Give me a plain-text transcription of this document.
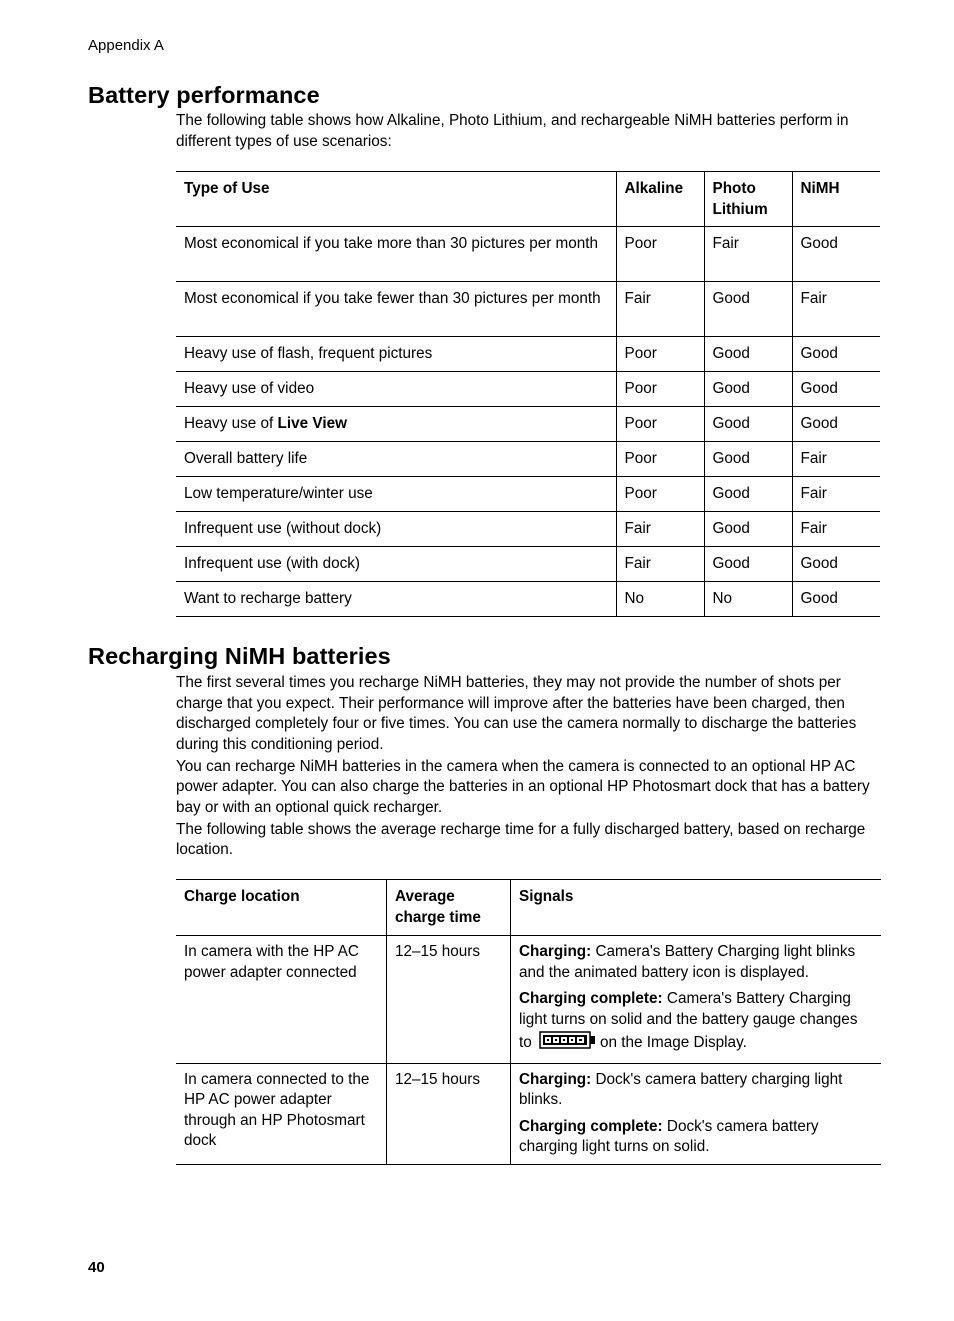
Appendix A
Battery performance

The following table shows how Alkaline, Photo Lithium, and rechargeable NiMH batteries perform in different types of use scenarios:

Type of Use	Alkaline	Photo Lithium	NiMH
Most economical if you take more than 30 pictures per month	Poor	Fair	Good
Most economical if you take fewer than 30 pictures per month	Fair	Good	Fair
Heavy use of flash, frequent pictures	Poor	Good	Good
Heavy use of video	Poor	Good	Good
Heavy use of Live View	Poor	Good	Good
Overall battery life	Poor	Good	Fair
Low temperature/winter use	Poor	Good	Fair
Infrequent use (without dock)	Fair	Good	Fair
Infrequent use (with dock)	Fair	Good	Good
Want to recharge battery	No	No	Good
Recharging NiMH batteries

The first several times you recharge NiMH batteries, they may not provide the number of shots per charge that you expect. Their performance will improve after the batteries have been charged, then discharged completely four or five times. You can use the camera normally to discharge the batteries during this conditioning period.

You can recharge NiMH batteries in the camera when the camera is connected to an optional HP AC power adapter. You can also charge the batteries in an optional HP Photosmart dock that has a battery bay or with an optional quick recharger.

The following table shows the average recharge time for a fully discharged battery, based on recharge location.

Charge location	Average charge time	Signals
In camera with the HP AC power adapter connected	12–15 hours	Charging: Camera's Battery Charging light blinks and the animated battery icon is displayed.
Charging complete: Camera's Battery Charging light turns on solid and the battery gauge changes to on the Image Display.

In camera connected to the HP AC power adapter through an HP Photosmart dock	12–15 hours	Charging: Dock's camera battery charging light blinks.
Charging complete: Dock's camera battery charging light turns on solid.
40
